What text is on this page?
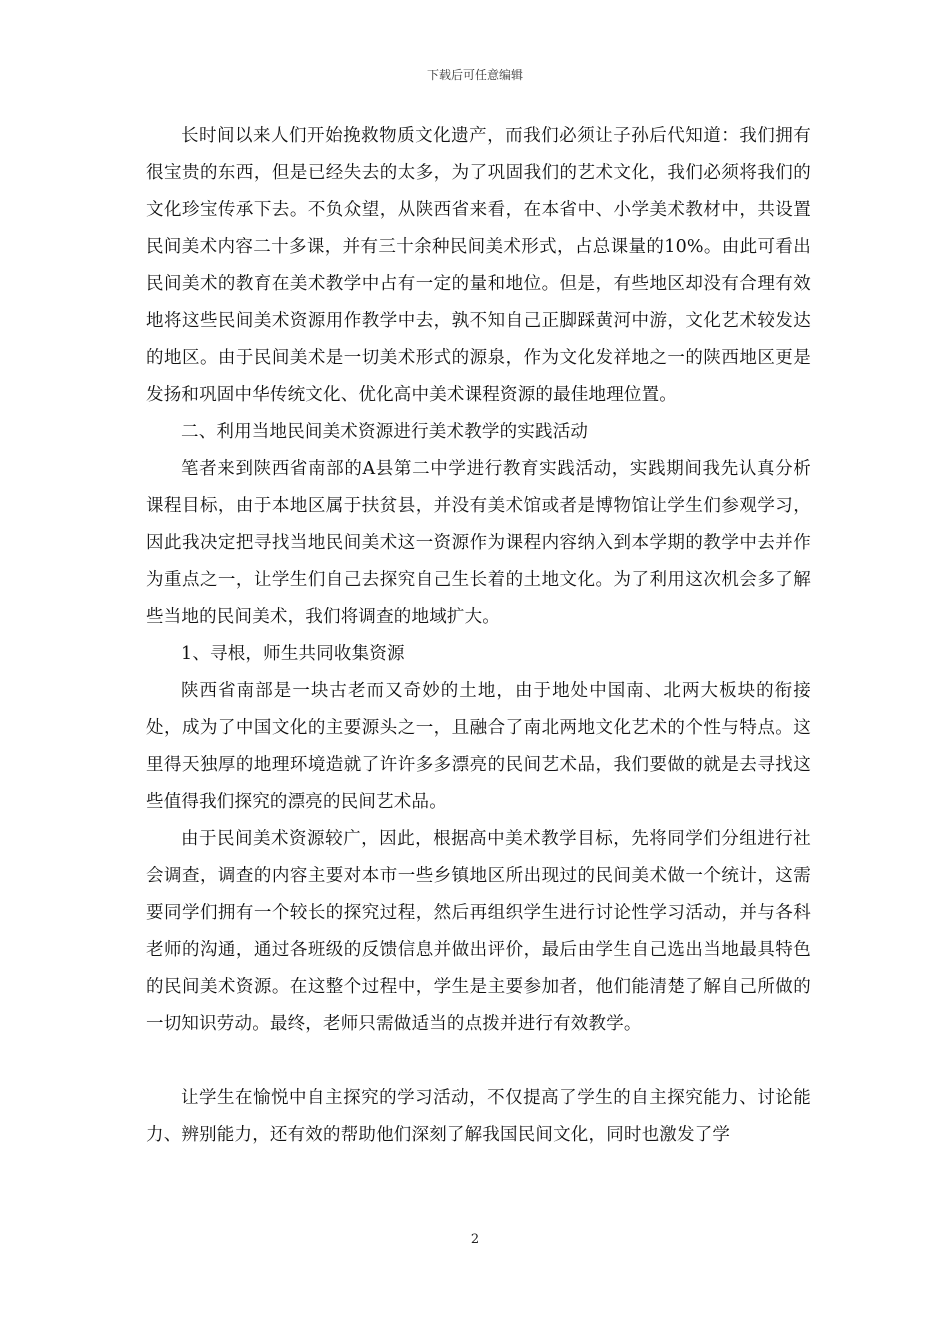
下载后可任意编辑

长时间以来人们开始挽救物质文化遗产，而我们必须让子孙后代知道：我们拥有很宝贵的东西，但是已经失去的太多，为了巩固我们的艺术文化，我们必须将我们的文化珍宝传承下去。不负众望，从陕西省来看，在本省中、小学美术教材中，共设置民间美术内容二十多课，并有三十余种民间美术形式，占总课量的10%。由此可看出民间美术的教育在美术教学中占有一定的量和地位。但是，有些地区却没有合理有效地将这些民间美术资源用作教学中去，孰不知自己正脚踩黄河中游，文化艺术较发达的地区。由于民间美术是一切美术形式的源泉，作为文化发祥地之一的陕西地区更是发扬和巩固中华传统文化、优化高中美术课程资源的最佳地理位置。

二、利用当地民间美术资源进行美术教学的实践活动

笔者来到陕西省南部的A县第二中学进行教育实践活动，实践期间我先认真分析课程目标，由于本地区属于扶贫县，并没有美术馆或者是博物馆让学生们参观学习，因此我决定把寻找当地民间美术这一资源作为课程内容纳入到本学期的教学中去并作为重点之一，让学生们自己去探究自己生长着的土地文化。为了利用这次机会多了解些当地的民间美术，我们将调查的地域扩大。

1、寻根，师生共同收集资源

陕西省南部是一块古老而又奇妙的土地，由于地处中国南、北两大板块的衔接处，成为了中国文化的主要源头之一，且融合了南北两地文化艺术的个性与特点。这里得天独厚的地理环境造就了许许多多漂亮的民间艺术品，我们要做的就是去寻找这些值得我们探究的漂亮的民间艺术品。

由于民间美术资源较广，因此，根据高中美术教学目标，先将同学们分组进行社会调查，调查的内容主要对本市一些乡镇地区所出现过的民间美术做一个统计，这需要同学们拥有一个较长的探究过程，然后再组织学生进行讨论性学习活动，并与各科老师的沟通，通过各班级的反馈信息并做出评价，最后由学生自己选出当地最具特色的民间美术资源。在这整个过程中，学生是主要参加者，他们能清楚了解自己所做的一切知识劳动。最终，老师只需做适当的点拨并进行有效教学。

让学生在愉悦中自主探究的学习活动，不仅提高了学生的自主探究能力、讨论能力、辨别能力，还有效的帮助他们深刻了解我国民间文化，同时也激发了学

2
